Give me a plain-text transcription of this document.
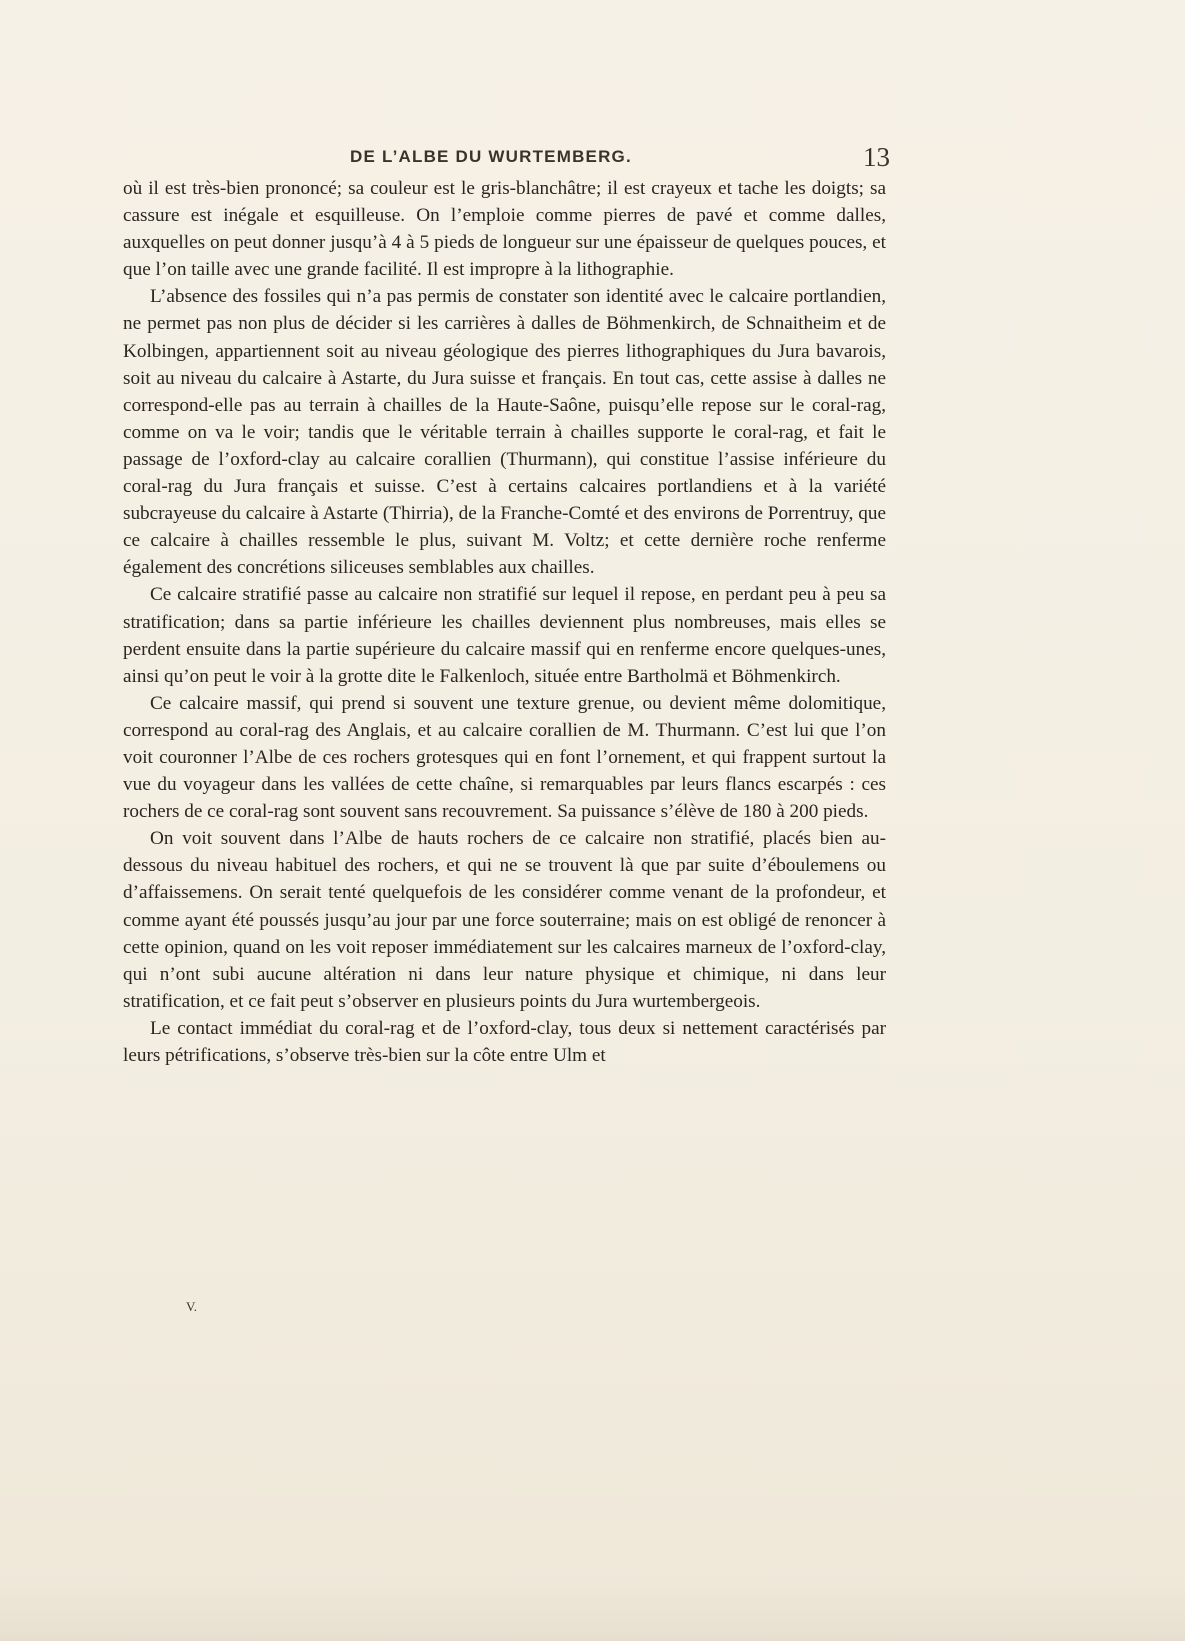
DE L’ALBE DU WURTEMBERG.	13

où il est très-bien prononcé; sa couleur est le gris-blanchâtre; il est crayeux et tache les doigts; sa cassure est inégale et esquilleuse. On l’emploie comme pierres de pavé et comme dalles, auxquelles on peut donner jusqu’à 4 à 5 pieds de longueur sur une épaisseur de quelques pouces, et que l’on taille avec une grande facilité. Il est impropre à la lithographie.

L’absence des fossiles qui n’a pas permis de constater son identité avec le calcaire portlandien, ne permet pas non plus de décider si les carrières à dalles de Böhmenkirch, de Schnaitheim et de Kolbingen, appartiennent soit au niveau géologique des pierres lithographiques du Jura bavarois, soit au niveau du calcaire à Astarte, du Jura suisse et français. En tout cas, cette assise à dalles ne correspond-elle pas au terrain à chailles de la Haute-Saône, puisqu’elle repose sur le coral-rag, comme on va le voir; tandis que le véritable terrain à chailles supporte le coral-rag, et fait le passage de l’oxford-clay au calcaire corallien (Thurmann), qui constitue l’assise inférieure du coral-rag du Jura français et suisse. C’est à certains calcaires portlandiens et à la variété subcrayeuse du calcaire à Astarte (Thirria), de la Franche-Comté et des environs de Porrentruy, que ce calcaire à chailles ressemble le plus, suivant M. Voltz; et cette dernière roche renferme également des concrétions siliceuses semblables aux chailles.

Ce calcaire stratifié passe au calcaire non stratifié sur lequel il repose, en perdant peu à peu sa stratification; dans sa partie inférieure les chailles deviennent plus nombreuses, mais elles se perdent ensuite dans la partie supérieure du calcaire massif qui en renferme encore quelques-unes, ainsi qu’on peut le voir à la grotte dite le Falkenloch, située entre Bartholmä et Böhmenkirch.

Ce calcaire massif, qui prend si souvent une texture grenue, ou devient même dolomitique, correspond au coral-rag des Anglais, et au calcaire corallien de M. Thurmann. C’est lui que l’on voit couronner l’Albe de ces rochers grotesques qui en font l’ornement, et qui frappent surtout la vue du voyageur dans les vallées de cette chaîne, si remarquables par leurs flancs escarpés : ces rochers de ce coral-rag sont souvent sans recouvrement. Sa puissance s’élève de 180 à 200 pieds.

On voit souvent dans l’Albe de hauts rochers de ce calcaire non stratifié, placés bien au-dessous du niveau habituel des rochers, et qui ne se trouvent là que par suite d’éboulemens ou d’affaissemens. On serait tenté quelquefois de les considérer comme venant de la profondeur, et comme ayant été poussés jusqu’au jour par une force souterraine; mais on est obligé de renoncer à cette opinion, quand on les voit reposer immédiatement sur les calcaires marneux de l’oxford-clay, qui n’ont subi aucune altération ni dans leur nature physique et chimique, ni dans leur stratification, et ce fait peut s’observer en plusieurs points du Jura wurtembergeois.

Le contact immédiat du coral-rag et de l’oxford-clay, tous deux si nettement caractérisés par leurs pétrifications, s’observe très-bien sur la côte entre Ulm et

V.
